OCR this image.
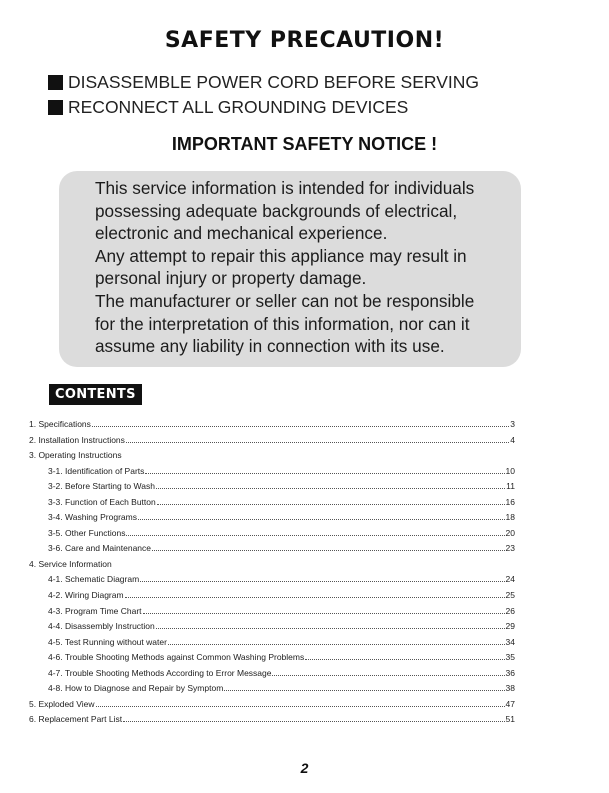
SAFETY PRECAUTION!
DISASSEMBLE POWER CORD BEFORE SERVING
RECONNECT ALL GROUNDING DEVICES
IMPORTANT SAFETY NOTICE !
This service information is intended for individuals
possessing adequate backgrounds of electrical,
electronic and mechanical experience.
Any attempt to repair this appliance may result in
personal injury or property damage.
The manufacturer or seller can not be responsible
for the interpretation of this information, nor can it
assume any liability in connection with its use.
CONTENTS
1. Specifications	3
2. Installation Instructions	4
3. Operating Instructions
3-1. Identification of Parts	10
3-2. Before Starting to Wash	11
3-3. Function of Each Button	16
3-4. Washing Programs	18
3-5. Other Functions	20
3-6. Care and Maintenance	23
4. Service Information
4-1. Schematic Diagram	24
4-2. Wiring Diagram	25
4-3. Program Time Chart	26
4-4. Disassembly Instruction	29
4-5. Test Running without water	34
4-6. Trouble Shooting Methods against Common Washing Problems	35
4-7. Trouble Shooting Methods According to Error Message	36
4-8. How to Diagnose and Repair by Symptom	38
5. Exploded View	47
6. Replacement Part List	51
2
